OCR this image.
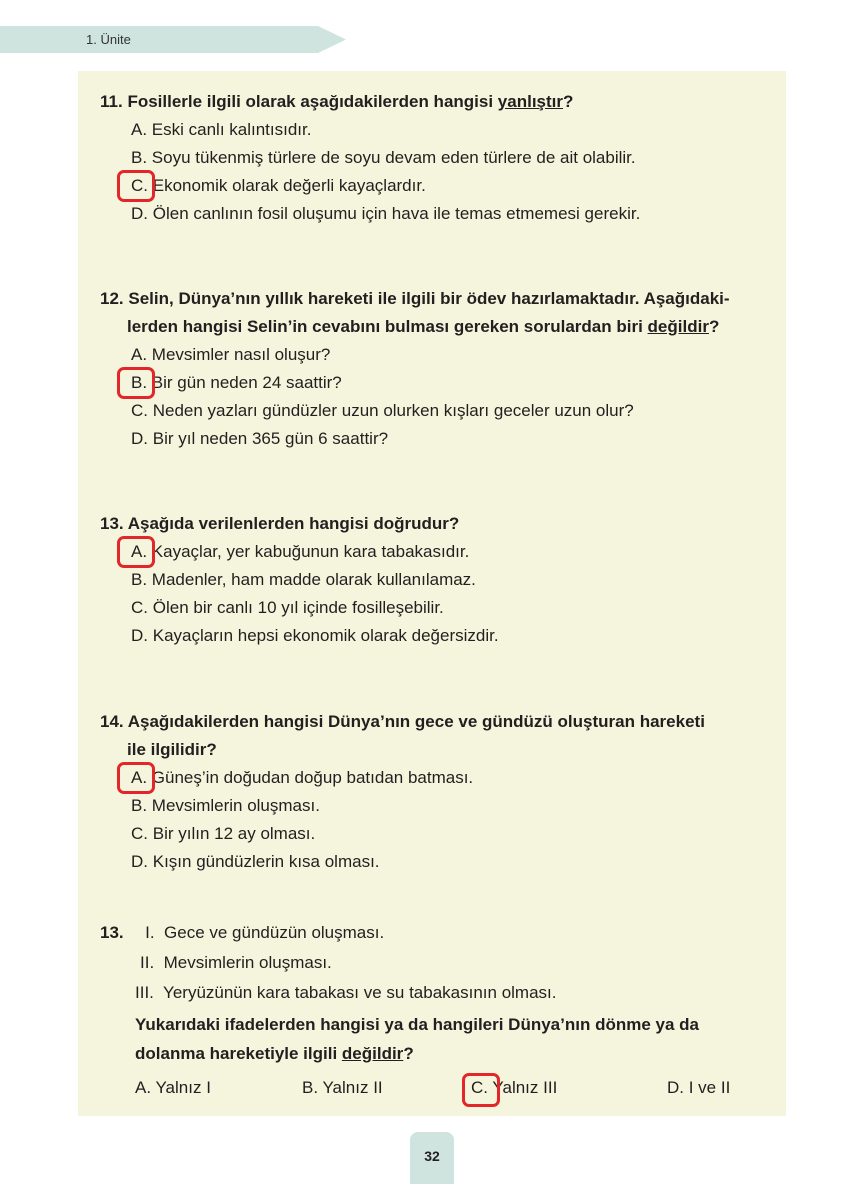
1. Ünite
11. Fosillerle ilgili olarak aşağıdakilerden hangisi yanlıştır?
A. Eski canlı kalıntısıdır.
B. Soyu tükenmiş türlere de soyu devam eden türlere de ait olabilir.
C. Ekonomik olarak değerli kayaçlardır.
D. Ölen canlının fosil oluşumu için hava ile temas etmemesi gerekir.
12. Selin, Dünya’nın yıllık hareketi ile ilgili bir ödev hazırlamaktadır. Aşağıdaki-
lerden hangisi Selin’in cevabını bulması gereken sorulardan biri değildir?
A. Mevsimler nasıl oluşur?
B. Bir gün neden 24 saattir?
C. Neden yazları gündüzler uzun olurken kışları geceler uzun olur?
D. Bir yıl neden 365 gün 6 saattir?
13. Aşağıda verilenlerden hangisi doğrudur?
A. Kayaçlar, yer kabuğunun kara tabakasıdır.
B. Madenler, ham madde olarak kullanılamaz.
C. Ölen bir canlı 10 yıl içinde fosilleşebilir.
D. Kayaçların hepsi ekonomik olarak değersizdir.
14. Aşağıdakilerden hangisi Dünya’nın gece ve gündüzü oluşturan hareketi
ile ilgilidir?
A. Güneş’in doğudan doğup batıdan batması.
B. Mevsimlerin oluşması.
C. Bir yılın 12 ay olması.
D. Kışın gündüzlerin kısa olması.
13. I. Gece ve gündüzün oluşması.
II. Mevsimlerin oluşması.
III. Yeryüzünün kara tabakası ve su tabakasının olması.
Yukarıdaki ifadelerden hangisi ya da hangileri Dünya’nın dönme ya da
dolanma hareketiyle ilgili değildir?
A. Yalnız I	B. Yalnız II	C. Yalnız III	D. I ve II
32
